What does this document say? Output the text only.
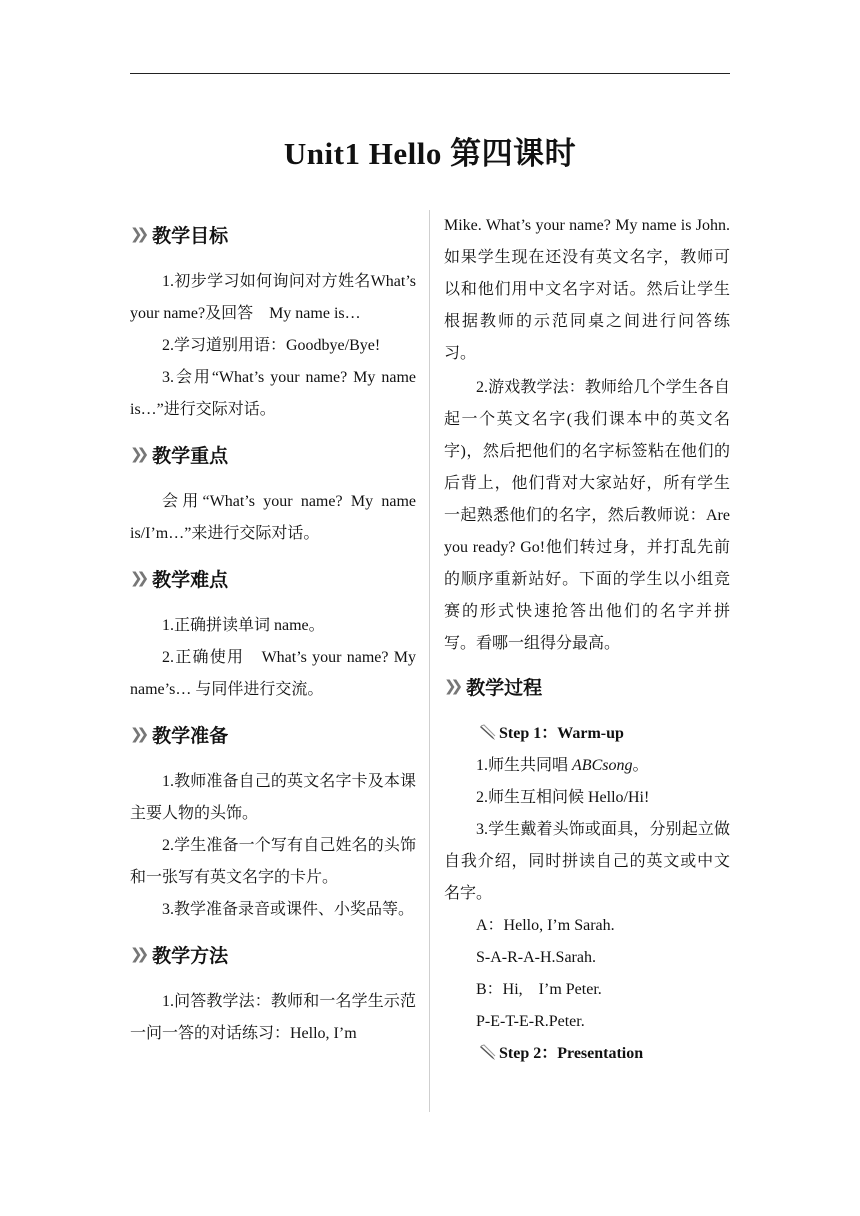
Unit1 Hello 第四课时
❯❯ 教学目标

1.初步学习如何询问对方姓名What’s your name?及回答　My name is…

2.学习道别用语：Goodbye/Bye!

3.会用“What’s your name? My name is…”进行交际对话。

❯❯ 教学重点

会用“What’s your name? My name is/I’m…”来进行交际对话。

❯❯ 教学难点

1.正确拼读单词 name。

2.正确使用　What’s your name? My name’s… 与同伴进行交流。

❯❯ 教学准备

1.教师准备自己的英文名字卡及本课主要人物的头饰。

2.学生准备一个写有自己姓名的头饰和一张写有英文名字的卡片。

3.教学准备录音或课件、小奖品等。

❯❯ 教学方法

1.问答教学法：教师和一名学生示范一问一答的对话练习：Hello, I’m

Mike. What’s your name? My name is John. 如果学生现在还没有英文名字，教师可以和他们用中文名字对话。然后让学生根据教师的示范同桌之间进行问答练习。

2.游戏教学法：教师给几个学生各自起一个英文名字(我们课本中的英文名字)，然后把他们的名字标签粘在他们的后背上，他们背对大家站好，所有学生一起熟悉他们的名字，然后教师说：Are you ready? Go!他们转过身，并打乱先前的顺序重新站好。下面的学生以小组竞赛的形式快速抢答出他们的名字并拼写。看哪一组得分最高。

❯❯ 教学过程
Step 1：Warm-up

1.师生共同唱 ABCsong。

2.师生互相问候 Hello/Hi!

3.学生戴着头饰或面具，分别起立做自我介绍，同时拼读自己的英文或中文名字。

A：Hello, I’m Sarah.

S-A-R-A-H.Sarah.

B：Hi,　I’m Peter.

P-E-T-E-R.Peter.

Step 2：Presentation
